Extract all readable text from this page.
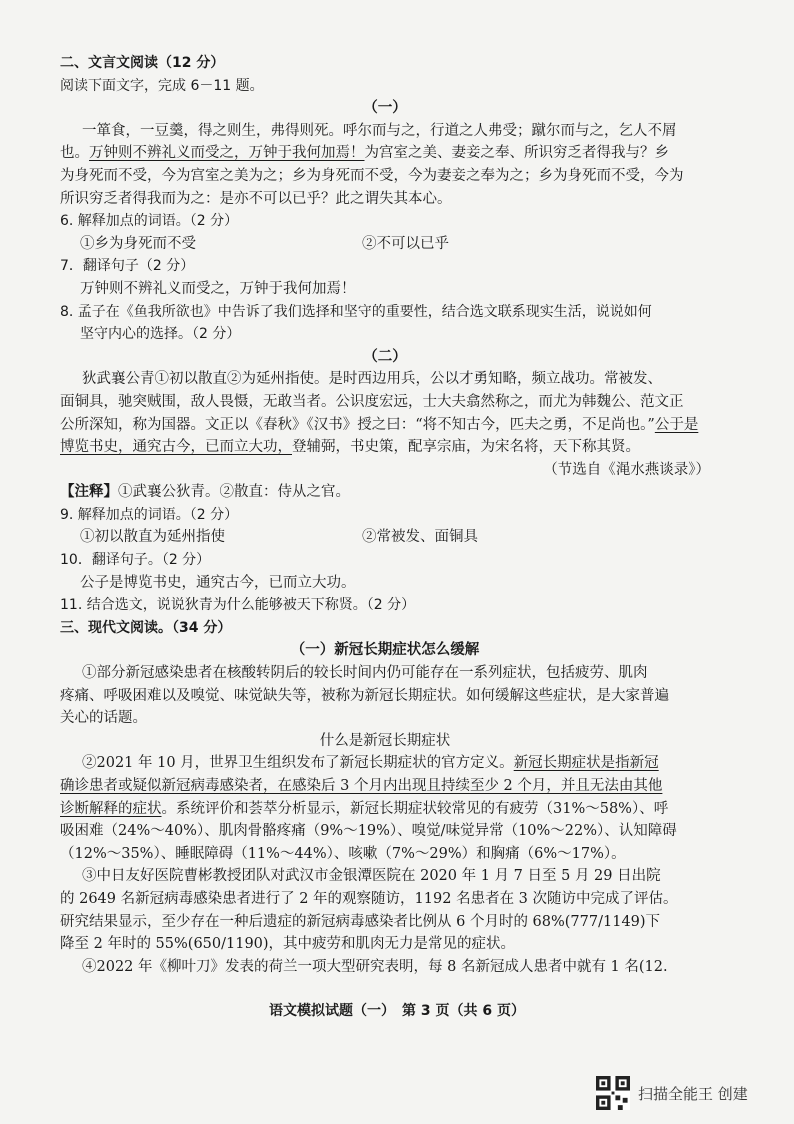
二、文言文阅读（12 分）
阅读下面文字，完成 6－11 题。
（一）
一箪食，一豆羹，得之则生，弗得则死。呼尔而与之，行道之人弗受；蹴尔而与之，乞人不屑
也。万钟则不辨礼义而受之，万钟于我何加焉！为宫室之美、妻妾之奉、所识穷乏者得我与？乡
为身死而不受，今为宫室之美为之；乡为身死而不受，今为妻妾之奉为之；乡为身死而不受，今为
所识穷乏者得我而为之：是亦不可以已乎？此之谓失其本心。
6. 解释加点的词语。（2 分）
①乡为身死而不受	②不可以已乎
7．翻译句子（2 分）
万钟则不辨礼义而受之，万钟于我何加焉！
8. 孟子在《鱼我所欲也》中告诉了我们选择和坚守的重要性，结合选文联系现实生活，说说如何
坚守内心的选择。（2 分）
（二）
狄武襄公青①初以散直②为延州指使。是时西边用兵，公以才勇知略，频立战功。常被发、
面铜具，驰突贼围，敌人畏慑，无敢当者。公识度宏远，士大夫翕然称之，而尤为韩魏公、范文正
公所深知，称为国器。文正以《春秋》《汉书》授之曰：“将不知古今，匹夫之勇，不足尚也。”公于是
博览书史，通究古今，已而立大功，登辅弼，书史策，配享宗庙，为宋名将，天下称其贤。
（节选自《渑水燕谈录》）
【注释】①武襄公狄青。②散直：侍从之官。
9. 解释加点的词语。（2 分）
①初以散直为延州指使	②常被发、面铜具
10．翻译句子。（2 分）
公子是博览书史，通究古今，已而立大功。
11. 结合选文，说说狄青为什么能够被天下称贤。（2 分）
三、现代文阅读。（34 分）
（一）新冠长期症状怎么缓解
①部分新冠感染患者在核酸转阴后的较长时间内仍可能存在一系列症状，包括疲劳、肌肉
疼痛、呼吸困难以及嗅觉、味觉缺失等，被称为新冠长期症状。如何缓解这些症状，是大家普遍
关心的话题。
什么是新冠长期症状
②2021 年 10 月，世界卫生组织发布了新冠长期症状的官方定义。新冠长期症状是指新冠
确诊患者或疑似新冠病毒感染者，在感染后 3 个月内出现且持续至少 2 个月，并且无法由其他
诊断解释的症状。系统评价和荟萃分析显示，新冠长期症状较常见的有疲劳（31%～58%）、呼
吸困难（24%～40%）、肌肉骨骼疼痛（9%～19%）、嗅觉/味觉异常（10%～22%）、认知障碍
（12%～35%）、睡眠障碍（11%～44%）、咳嗽（7%～29%）和胸痛（6%～17%）。
③中日友好医院曹彬教授团队对武汉市金银潭医院在 2020 年 1 月 7 日至 5 月 29 日出院
的 2649 名新冠病毒感染患者进行了 2 年的观察随访，1192 名患者在 3 次随访中完成了评估。
研究结果显示，至少存在一种后遗症的新冠病毒感染者比例从 6 个月时的 68%(777/1149)下
降至 2 年时的 55%(650/1190)，其中疲劳和肌肉无力是常见的症状。
④2022 年《柳叶刀》发表的荷兰一项大型研究表明，每 8 名新冠成人患者中就有 1 名(12.
语文模拟试题（一）　第 3 页（共 6 页）
扫描全能王 创建
